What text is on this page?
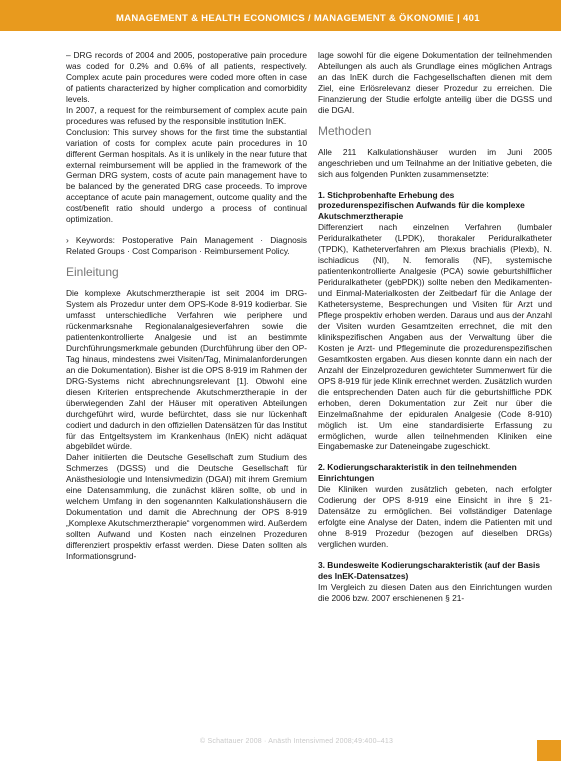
MANAGEMENT & HEALTH ECONOMICS / MANAGEMENT & ÖKONOMIE | 401

– DRG records of 2004 and 2005, postoperative pain procedure was coded for 0.2% and 0.6% of all patients, respectively. Complex acute pain procedures were coded more often in case of patients characterized by higher complication and comorbidity levels.

In 2007, a request for the reimbursement of complex acute pain procedures was refused by the responsible institution InEK.

Conclusion: This survey shows for the first time the substantial variation of costs for complex acute pain procedures in 10 different German hospitals. As it is unlikely in the near future that external reimbursement will be applied in the framework of the German DRG system, costs of acute pain management have to be balanced by the generated DRG case proceeds. To improve acceptance of acute pain management, outcome quality and the cost/benefit ratio should undergo a process of continual optimization.

› Keywords: Postoperative Pain Management · Diagnosis Related Groups · Cost Comparison · Reimbursement Policy.

Einleitung

Die komplexe Akutschmerztherapie ist seit 2004 im DRG-System als Prozedur unter dem OPS-Kode 8-919 kodierbar. Sie umfasst unterschiedliche Verfahren wie periphere und rückenmarksnahe Regionalanalgesieverfahren sowie die patientenkontrollierte Analgesie und ist an bestimmte Durchführungsmerkmale gebunden (Durchführung über den OP-Tag hinaus, mindestens zwei Visiten/Tag, Minimalanforderungen an die Dokumentation). Bisher ist die OPS 8-919 im Rahmen der DRG-Systems nicht abrechnungsrelevant [1]. Obwohl eine diesen Kriterien entsprechende Akutschmerztherapie in der überwiegenden Zahl der Häuser mit operativen Abteilungen durchgeführt wird, wurde befürchtet, dass sie nur lückenhaft codiert und dadurch in den offiziellen Datensätzen für das Institut für das Entgeltsystem im Krankenhaus (InEK) nicht adäquat abgebildet würde.

Daher initiierten die Deutsche Gesellschaft zum Studium des Schmerzes (DGSS) und die Deutsche Gesellschaft für Anästhesiologie und Intensivmedizin (DGAI) mit ihrem Gremium eine Datensammlung, die zunächst klären sollte, ob und in welchem Umfang in den sogenannten Kalkulationshäusern die Dokumentation und damit die Abrechnung der OPS 8-919 „Komplexe Akutschmerztherapie“ vorgenommen wird. Außerdem sollten Aufwand und Kosten nach einzelnen Prozeduren differenziert prospektiv erfasst werden. Diese Daten sollten als Informationsgrund-

lage sowohl für die eigene Dokumentation der teilnehmenden Abteilungen als auch als Grundlage eines möglichen Antrags an das InEK durch die Fachgesellschaften dienen mit dem Ziel, eine Erlösrelevanz dieser Prozedur zu erreichen. Die Finanzierung der Studie erfolgte anteilig über die DGSS und die DGAI.

Methoden

Alle 211 Kalkulationshäuser wurden im Juni 2005 angeschrieben und um Teilnahme an der Initiative gebeten, die sich aus folgenden Punkten zusammensetzte:

1. Stichprobenhafte Erhebung des prozedurenspezifischen Aufwands für die komplexe Akutschmerztherapie

Differenziert nach einzelnen Verfahren (lumbaler Periduralkatheter (LPDK), thorakaler Periduralkatheter (TPDK), Katheterverfahren am Plexus brachialis (Plexb), N. ischiadicus (NI), N. femoralis (NF), systemische patientenkontrollierte Analgesie (PCA) sowie geburtshilflicher Periduralkatheter (gebPDK)) sollte neben den Medikamenten- und Einmal-Materialkosten der Zeitbedarf für die Anlage der Kathetersysteme, Besprechungen und Visiten für Arzt und Pflege prospektiv erhoben werden. Daraus und aus der Anzahl der Visiten wurden Gesamtzeiten errechnet, die mit den klinikspezifischen Angaben aus der Verwaltung über die Kosten je Arzt- und Pflegeminute die prozedurenspezifischen Gesamtkosten ergaben. Aus diesen konnte dann ein nach der Anzahl der Einzelprozeduren gewichteter Summenwert für die OPS 8-919 für jede Klinik errechnet werden. Zusätzlich wurden die entsprechenden Daten auch für die geburtshilfliche PDK erhoben, deren Dokumentation zur Zeit nur über die Einzelmaßnahme der epiduralen Analgesie (Code 8-910) möglich ist. Um eine standardisierte Erfassung zu ermöglichen, wurde allen teilnehmenden Kliniken eine Eingabemaske zur Dateneingabe zugeschickt.

2. Kodierungscharakteristik in den teilnehmenden Einrichtungen

Die Kliniken wurden zusätzlich gebeten, nach erfolgter Codierung der OPS 8-919 eine Einsicht in ihre § 21-Datensätze zu ermöglichen. Bei vollständiger Datenlage erfolgte eine Analyse der Daten, indem die Patienten mit und ohne 8-919 Prozedur (bezogen auf dieselben DRGs) verglichen wurden.

3. Bundesweite Kodierungscharakteristik (auf der Basis des InEK-Datensatzes)

Im Vergleich zu diesen Daten aus den Einrichtungen wurden die 2006 bzw. 2007 erschienenen § 21-

© Schattauer 2008 · Anästh Intensivmed 2008;49:400–413
